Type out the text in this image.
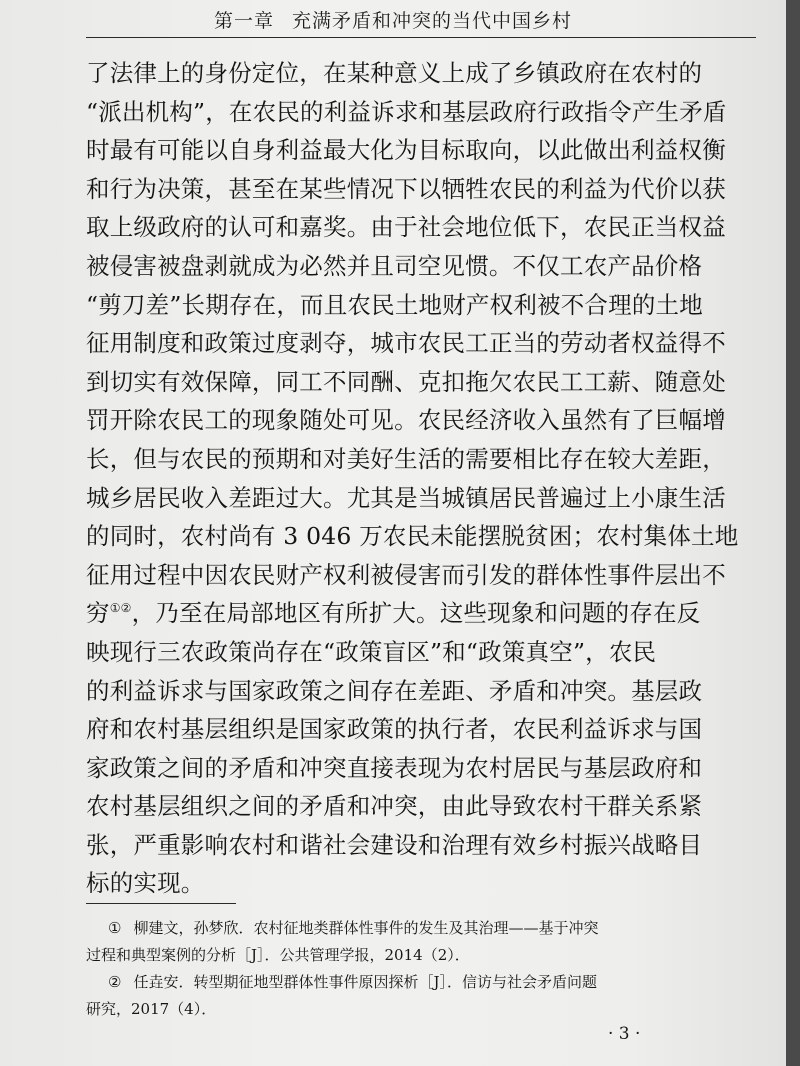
第一章 充满矛盾和冲突的当代中国乡村
了法律上的身份定位，在某种意义上成了乡镇政府在农村的
“派出机构”，在农民的利益诉求和基层政府行政指令产生矛盾
时最有可能以自身利益最大化为目标取向，以此做出利益权衡
和行为决策，甚至在某些情况下以牺牲农民的利益为代价以获
取上级政府的认可和嘉奖。由于社会地位低下，农民正当权益
被侵害被盘剥就成为必然并且司空见惯。不仅工农产品价格
“剪刀差”长期存在，而且农民土地财产权利被不合理的土地
征用制度和政策过度剥夺，城市农民工正当的劳动者权益得不
到切实有效保障，同工不同酬、克扣拖欠农民工工薪、随意处
罚开除农民工的现象随处可见。农民经济收入虽然有了巨幅增
长，但与农民的预期和对美好生活的需要相比存在较大差距，
城乡居民收入差距过大。尤其是当城镇居民普遍过上小康生活
的同时，农村尚有 3 046 万农民未能摆脱贫困；农村集体土地
征用过程中因农民财产权利被侵害而引发的群体性事件层出不
穷①②，乃至在局部地区有所扩大。这些现象和问题的存在反
映现行三农政策尚存在“政策盲区”和“政策真空”，农民
的利益诉求与国家政策之间存在差距、矛盾和冲突。基层政
府和农村基层组织是国家政策的执行者，农民利益诉求与国
家政策之间的矛盾和冲突直接表现为农村居民与基层政府和
农村基层组织之间的矛盾和冲突，由此导致农村干群关系紧
张，严重影响农村和谐社会建设和治理有效乡村振兴战略目
标的实现。
① 柳建文，孙梦欣．农村征地类群体性事件的发生及其治理——基于冲突
过程和典型案例的分析［J］．公共管理学报，2014（2）．
② 任垚安．转型期征地型群体性事件原因探析［J］．信访与社会矛盾问题
研究，2017（4）．
· 3 ·
